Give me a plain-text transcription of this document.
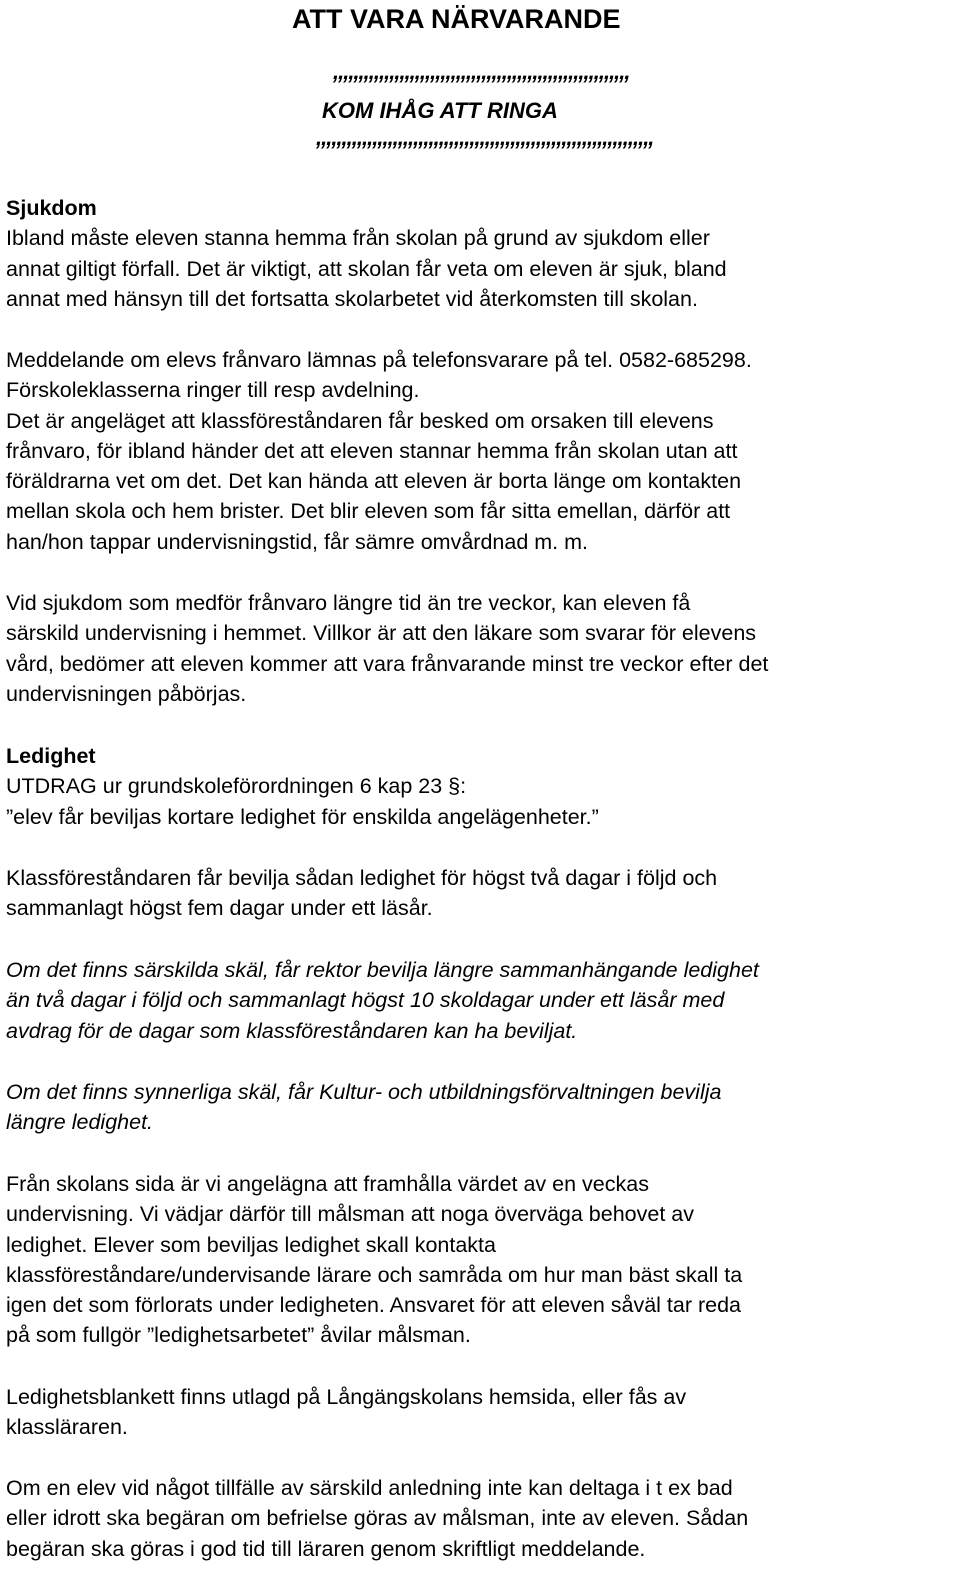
ATT VARA NÄRVARANDE
,,,,,,,,,,,,,,,,,,,,,,,,,,,,,,,,,,,,,,,,,,,,,,,,,,,,,,,,,,
KOM IHÅG ATT RINGA
,,,,,,,,,,,,,,,,,,,,,,,,,,,,,,,,,,,,,,,,,,,,,,,,,,,,,,,,,,,,,,,,,,

Sjukdom

Ibland måste eleven stanna hemma från skolan på grund av sjukdom eller

annat giltigt förfall. Det är viktigt, att skolan får veta om eleven är sjuk, bland

annat med hänsyn till det fortsatta skolarbetet vid återkomsten till skolan.

Meddelande om elevs frånvaro lämnas på telefonsvarare på tel. 0582-685298.

Förskoleklasserna ringer till resp avdelning.

Det är angeläget att klassföreståndaren får besked om orsaken till elevens

frånvaro, för ibland händer det att eleven stannar hemma från skolan utan att

föräldrarna vet om det. Det kan hända att eleven är borta länge om kontakten

mellan skola och hem brister. Det blir eleven som får sitta emellan, därför att

han/hon tappar undervisningstid, får sämre omvårdnad m. m.

Vid sjukdom som medför frånvaro längre tid än tre veckor, kan eleven få

särskild undervisning i hemmet. Villkor är att den läkare som svarar för elevens

vård, bedömer att eleven kommer att vara frånvarande minst tre veckor efter det

undervisningen påbörjas.

Ledighet

UTDRAG ur grundskoleförordningen 6 kap 23 §:

”elev får beviljas kortare ledighet för enskilda angelägenheter.”

Klassföreståndaren får bevilja sådan ledighet för högst två dagar i följd och

sammanlagt högst fem dagar under ett läsår.

Om det finns särskilda skäl, får rektor bevilja längre sammanhängande ledighet

än två dagar i följd och sammanlagt högst 10 skoldagar under ett läsår med

avdrag för de dagar som klassföreståndaren kan ha beviljat.

Om det finns synnerliga skäl, får Kultur- och utbildningsförvaltningen bevilja

längre ledighet.

Från skolans sida är vi angelägna att framhålla värdet av en veckas

undervisning. Vi vädjar därför till målsman att noga överväga behovet av

ledighet. Elever som beviljas ledighet skall kontakta

klassföreståndare/undervisande lärare och samråda om hur man bäst skall ta

igen det som förlorats under ledigheten. Ansvaret för att eleven såväl tar reda

på som fullgör ”ledighetsarbetet” åvilar målsman.

Ledighetsblankett finns utlagd på Långängskolans hemsida, eller fås av

klassläraren.

Om en elev vid något tillfälle av särskild anledning inte kan deltaga i t ex bad

eller idrott ska begäran om befrielse göras av målsman, inte av eleven. Sådan

begäran ska göras i god tid till läraren genom skriftligt meddelande.
